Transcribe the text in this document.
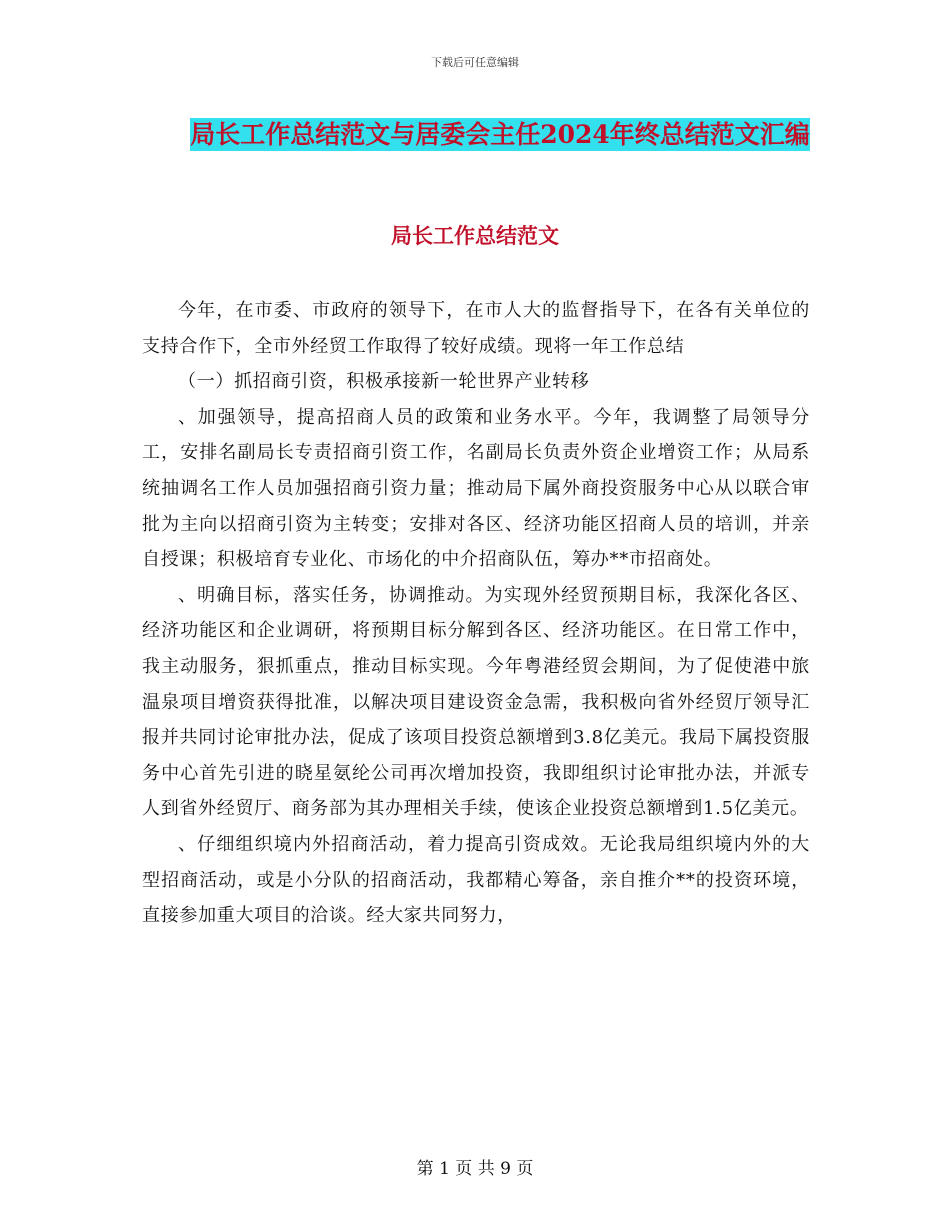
下载后可任意编辑
局长工作总结范文与居委会主任2024年终总结范文汇编
局长工作总结范文

今年，在市委、市政府的领导下，在市人大的监督指导下，在各有关单位的支持合作下，全市外经贸工作取得了较好成绩。现将一年工作总结

（一）抓招商引资，积极承接新一轮世界产业转移

、加强领导，提高招商人员的政策和业务水平。今年，我调整了局领导分工，安排名副局长专责招商引资工作，名副局长负责外资企业增资工作；从局系统抽调名工作人员加强招商引资力量；推动局下属外商投资服务中心从以联合审批为主向以招商引资为主转变；安排对各区、经济功能区招商人员的培训，并亲自授课；积极培育专业化、市场化的中介招商队伍，筹办**市招商处。

、明确目标，落实任务，协调推动。为实现外经贸预期目标，我深化各区、经济功能区和企业调研，将预期目标分解到各区、经济功能区。在日常工作中，我主动服务，狠抓重点，推动目标实现。今年粤港经贸会期间，为了促使港中旅温泉项目增资获得批准，以解决项目建设资金急需，我积极向省外经贸厅领导汇报并共同讨论审批办法，促成了该项目投资总额增到3.8亿美元。我局下属投资服务中心首先引进的晓星氨纶公司再次增加投资，我即组织讨论审批办法，并派专人到省外经贸厅、商务部为其办理相关手续，使该企业投资总额增到1.5亿美元。

、仔细组织境内外招商活动，着力提高引资成效。无论我局组织境内外的大型招商活动，或是小分队的招商活动，我都精心筹备，亲自推介**的投资环境，直接参加重大项目的洽谈。经大家共同努力，

第 1 页 共 9 页
